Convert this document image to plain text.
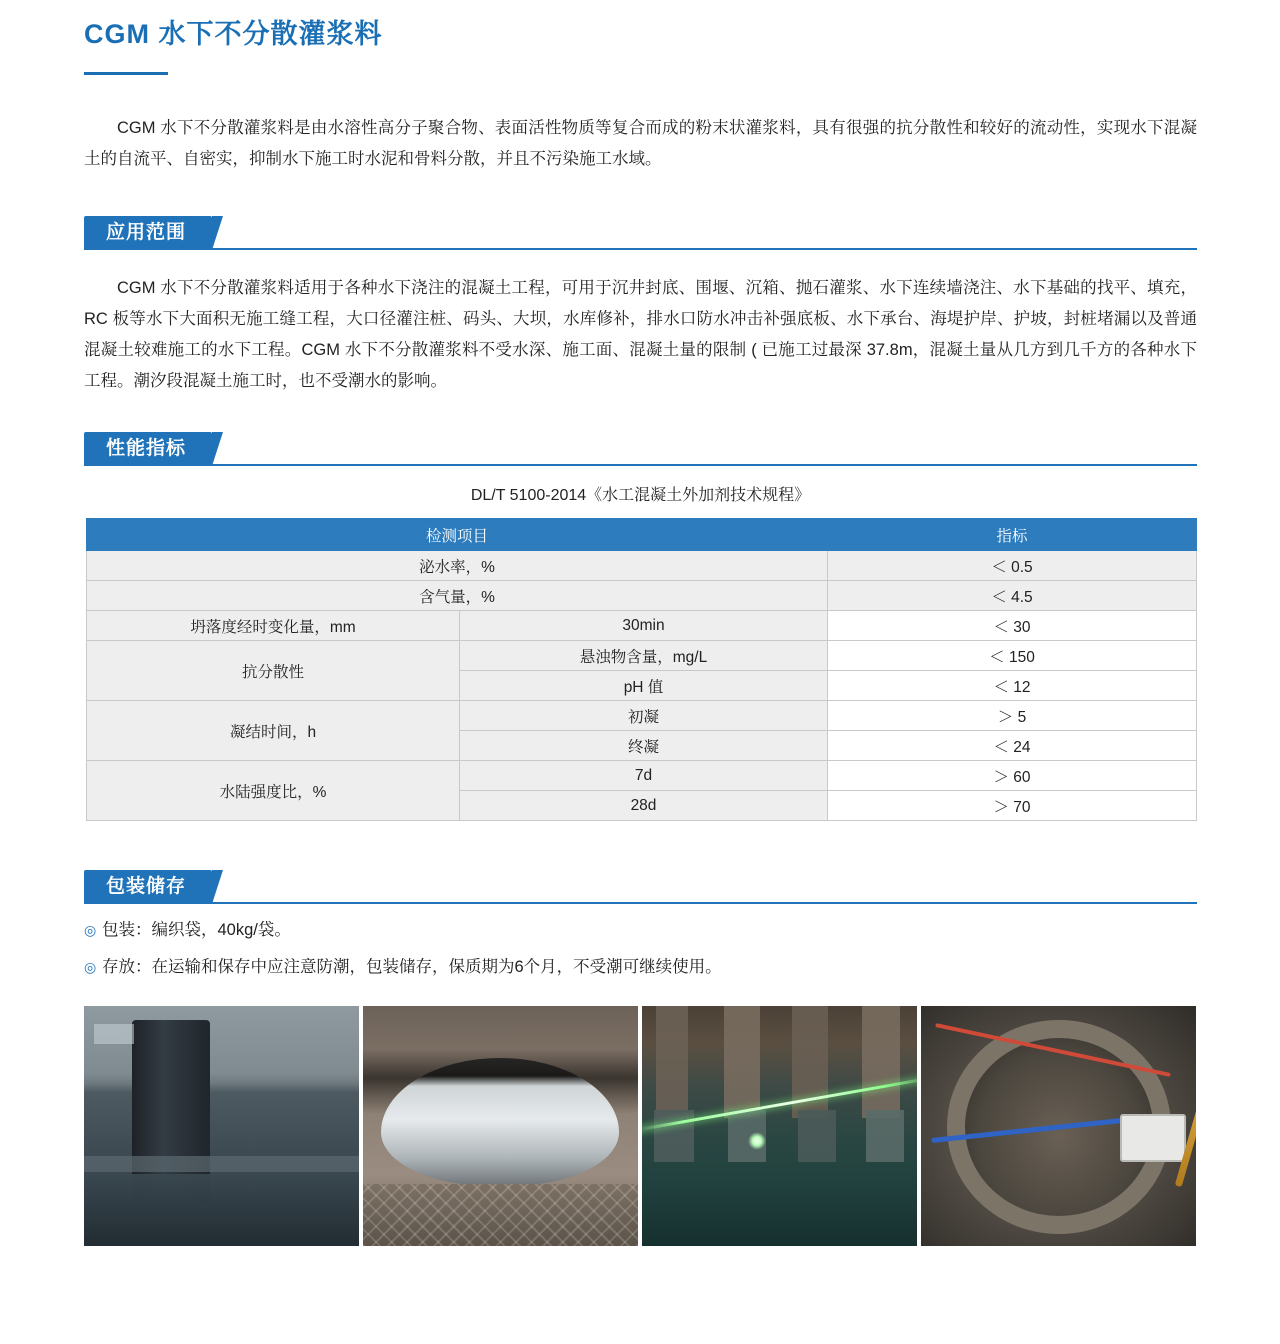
CGM 水下不分散灌浆料
CGM 水下不分散灌浆料是由水溶性高分子聚合物、表面活性物质等复合而成的粉末状灌浆料，具有很强的抗分散性和较好的流动性，实现水下混凝土的自流平、自密实，抑制水下施工时水泥和骨料分散，并且不污染施工水域。
应用范围
CGM 水下不分散灌浆料适用于各种水下浇注的混凝土工程，可用于沉井封底、围堰、沉箱、抛石灌浆、水下连续墙浇注、水下基础的找平、填充，RC 板等水下大面积无施工缝工程，大口径灌注桩、码头、大坝，水库修补，排水口防水冲击补强底板、水下承台、海堤护岸、护坡，封桩堵漏以及普通混凝土较难施工的水下工程。CGM 水下不分散灌浆料不受水深、施工面、混凝土量的限制 ( 已施工过最深 37.8m，混凝土量从几方到几千方的各种水下工程。潮汐段混凝土施工时，也不受潮水的影响。
性能指标
DL/T 5100-2014《水工混凝土外加剂技术规程》
检测项目		指标
泌水率，%		＜ 0.5
含气量，%		＜ 4.5
坍落度经时变化量，mm	30min	＜ 30
抗分散性	悬浊物含量，mg/L	＜ 150
	pH 值	＜ 12
凝结时间，h	初凝	＞ 5
	终凝	＜ 24
水陆强度比，%	7d	＞ 60
	28d	＞ 70
包装储存
◎ 包装：编织袋，40kg/袋。
◎ 存放：在运输和保存中应注意防潮，包装储存，保质期为6个月，不受潮可继续使用。
